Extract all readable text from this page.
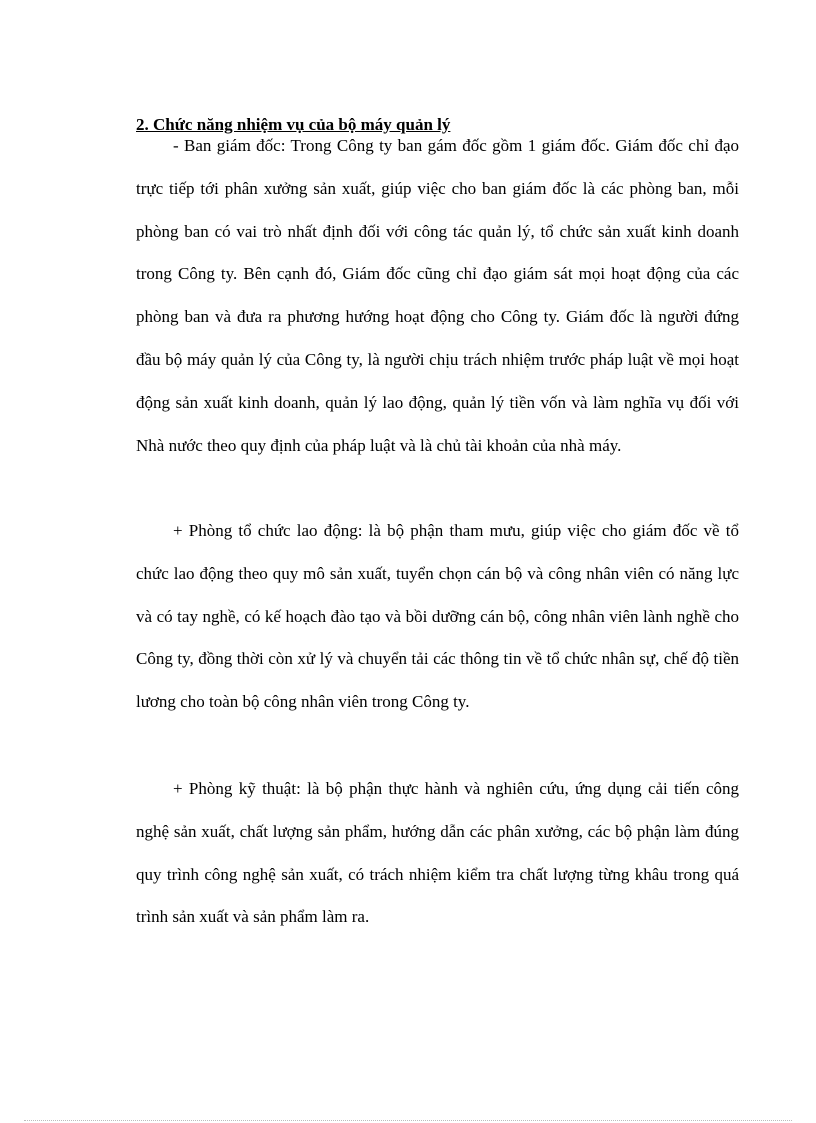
2. Chức năng nhiệm vụ của bộ máy quản lý

- Ban giám đốc: Trong Công ty ban gám đốc gồm 1 giám đốc. Giám đốc chỉ đạo trực tiếp tới phân xưởng sản xuất, giúp việc cho ban giám đốc là các phòng ban, mỗi phòng ban có vai trò nhất định đối với công tác quản lý, tổ chức sản xuất kinh doanh trong Công ty. Bên cạnh đó, Giám đốc cũng chỉ đạo giám sát mọi hoạt động của các phòng ban và đưa ra phương hướng hoạt động cho Công ty. Giám đốc là người đứng đầu bộ máy quản lý của Công ty, là người chịu trách nhiệm trước pháp luật về mọi hoạt động sản xuất kinh doanh, quản lý lao động, quản lý tiền vốn và làm nghĩa vụ đối với Nhà nước theo quy định của pháp luật và là chủ tài khoản của nhà máy.

+ Phòng tổ chức lao động: là bộ phận tham mưu, giúp việc cho giám đốc về tổ chức lao động theo quy mô sản xuất, tuyển chọn cán bộ và công nhân viên có năng lực và có tay nghề, có kế hoạch đào tạo và bồi dưỡng cán bộ, công nhân viên lành nghề cho Công ty, đồng thời còn xử lý và chuyển tải các thông tin về tổ chức nhân sự, chế độ tiền lương cho toàn bộ công nhân viên trong Công ty.

+ Phòng kỹ thuật: là bộ phận thực hành và nghiên cứu, ứng dụng cải tiến công nghệ sản xuất, chất lượng sản phẩm, hướng dẫn các phân xưởng, các bộ phận làm đúng quy trình công nghệ sản xuất, có trách nhiệm kiểm tra chất lượng từng khâu trong quá trình sản xuất và sản phẩm làm ra.
